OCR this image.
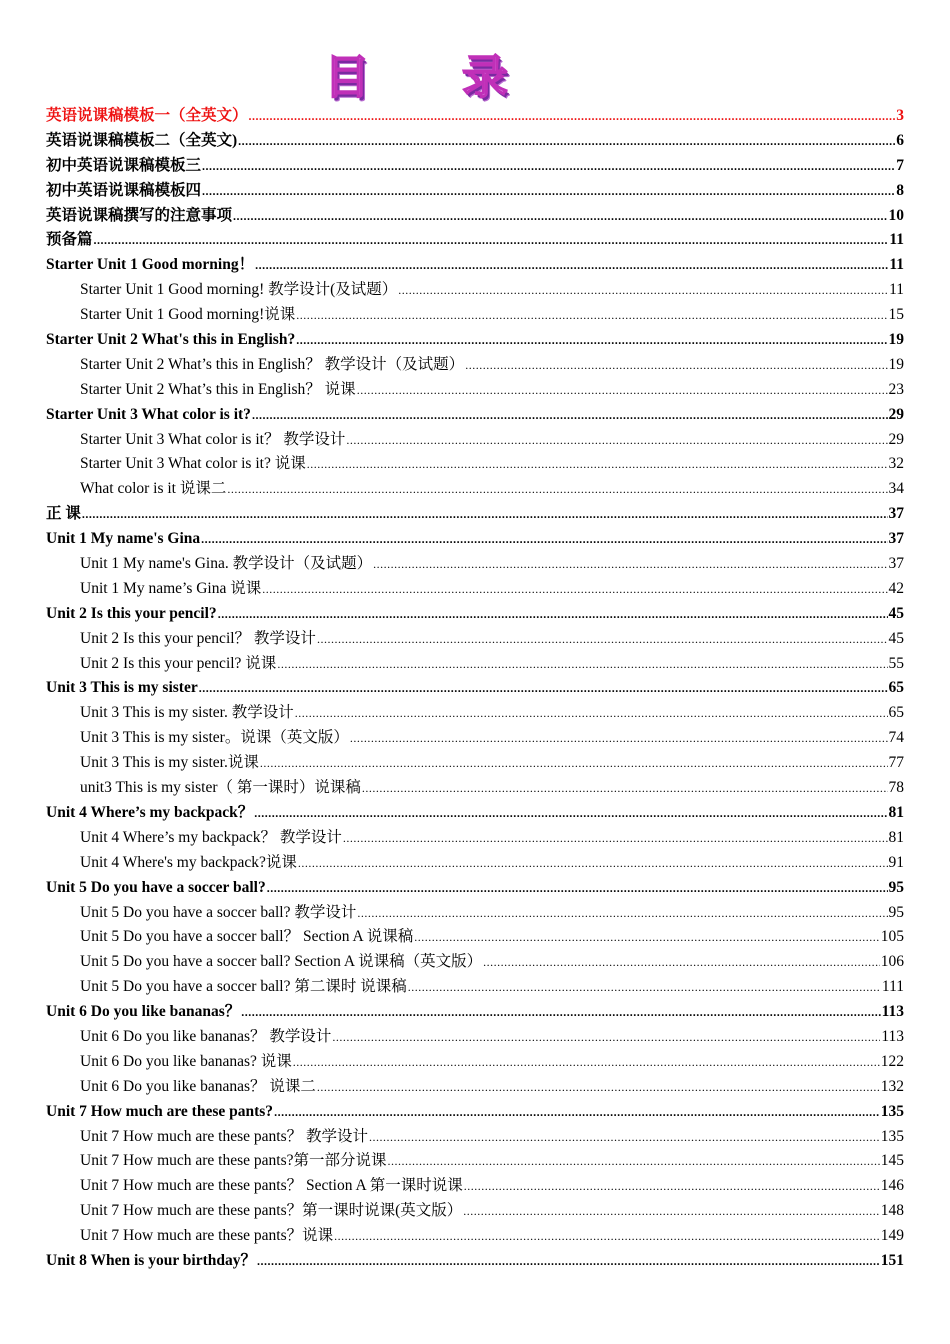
目 录
英语说课稿模板一（全英文） .....	3
英语说课稿模板二（全英文) .....	6
初中英语说课稿模板三 .....	7
初中英语说课稿模板四 .....	8
英语说课稿撰写的注意事项 .....	10
预备篇 .....	11
Starter Unit 1 Good morning！ .....	11
Starter Unit 1 Good morning! 教学设计(及试题） .....	11
Starter Unit 1 Good morning!说课 .....	15
Starter Unit 2 What's this in English? .....	19
Starter Unit 2 What’s this in English？ 教学设计（及试题） .....	19
Starter Unit 2 What’s this in English？ 说课 .....	23
Starter Unit 3 What color is it? .....	29
Starter Unit 3 What color is it？ 教学设计 .....	29
Starter Unit 3 What color is it? 说课 .....	32
What color is it 说课二 .....	34
正 课 .....	37
Unit 1 My name's Gina .....	37
Unit 1 My name's Gina. 教学设计（及试题） .....	37
Unit 1 My name’s Gina 说课 .....	42
Unit 2 Is this your pencil? .....	45
Unit 2 Is this your pencil？ 教学设计 .....	45
Unit 2 Is this your pencil? 说课 .....	55
Unit 3 This is my sister .....	65
Unit 3 This is my sister. 教学设计 .....	65
Unit 3 This is my sister。说课（英文版） .....	74
Unit 3 This is my sister.说课 .....	77
unit3 This is my sister（ 第一课时）说课稿 .....	78
Unit 4 Where’s my backpack？ .....	81
Unit 4 Where’s my backpack？ 教学设计 .....	81
Unit 4 Where's my backpack?说课 .....	91
Unit 5 Do you have a soccer ball? .....	95
Unit 5 Do you have a soccer ball? 教学设计 .....	95
Unit 5 Do you have a soccer ball？ Section A 说课稿 .....	105
Unit 5 Do you have a soccer ball? Section A 说课稿（英文版） .....	106
Unit 5 Do you have a soccer ball? 第二课时 说课稿 .....	111
Unit 6 Do you like bananas？ .....	113
Unit 6 Do you like bananas？ 教学设计 .....	113
Unit 6 Do you like bananas? 说课 .....	122
Unit 6 Do you like bananas？ 说课二 .....	132
Unit 7 How much are these pants? .....	135
Unit 7 How much are these pants？ 教学设计 .....	135
Unit 7 How much are these pants?第一部分说课 .....	145
Unit 7 How much are these pants？ Section A 第一课时说课 .....	146
Unit 7 How much are these pants？第一课时说课(英文版） .....	148
Unit 7 How much are these pants？说课 .....	149
Unit 8 When is your birthday？ .....	151
